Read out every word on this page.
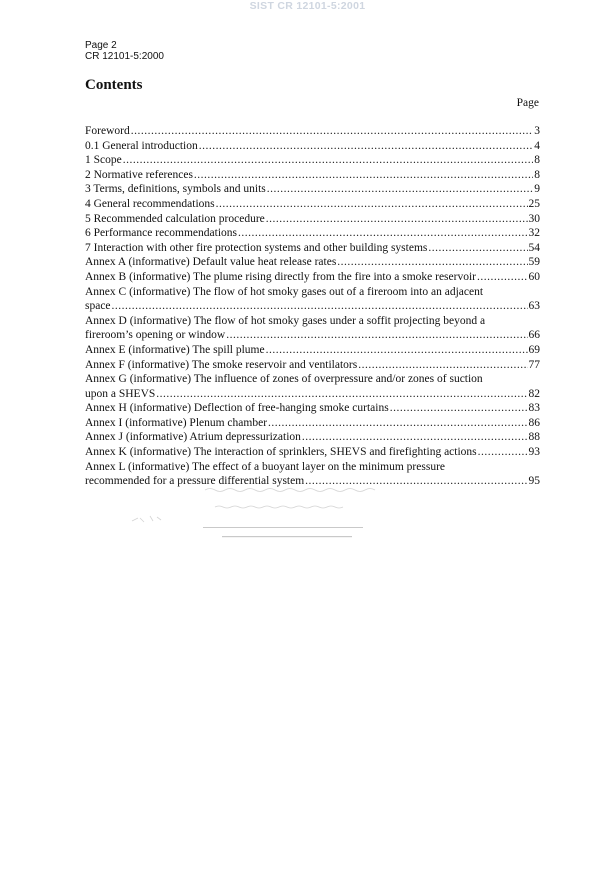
SIST CR 12101-5:2001
Page 2
CR 12101-5:2000
Contents
Page
Foreword .....	3
0.1 General introduction .....	4
1 Scope .....	8
2 Normative references .....	8
3 Terms, definitions, symbols and units .....	9
4 General recommendations .....	25
5 Recommended calculation procedure .....	30
6 Performance recommendations .....	32
7 Interaction with other fire protection systems and other building systems .....	54
Annex A (informative) Default value heat release rates .....	59
Annex B (informative) The plume rising directly from the fire into a smoke reservoir .....	60
Annex C (informative) The flow of hot smoky gases out of a fireroom into an adjacent
space .....	63
Annex D (informative) The flow of hot smoky gases under a soffit projecting beyond a
fireroom’s opening or window .....	66
Annex E (informative) The spill plume .....	69
Annex F (informative) The smoke reservoir and ventilators .....	77
Annex G (informative) The influence of zones of overpressure and/or zones of suction
upon a SHEVS .....	82
Annex H (informative) Deflection of free-hanging smoke curtains .....	83
Annex I (informative) Plenum chamber .....	86
Annex J (informative) Atrium depressurization .....	88
Annex K (informative) The interaction of sprinklers, SHEVS and firefighting actions .....	93
Annex L (informative) The effect of a buoyant layer on the minimum pressure
recommended for a pressure differential system .....	95
